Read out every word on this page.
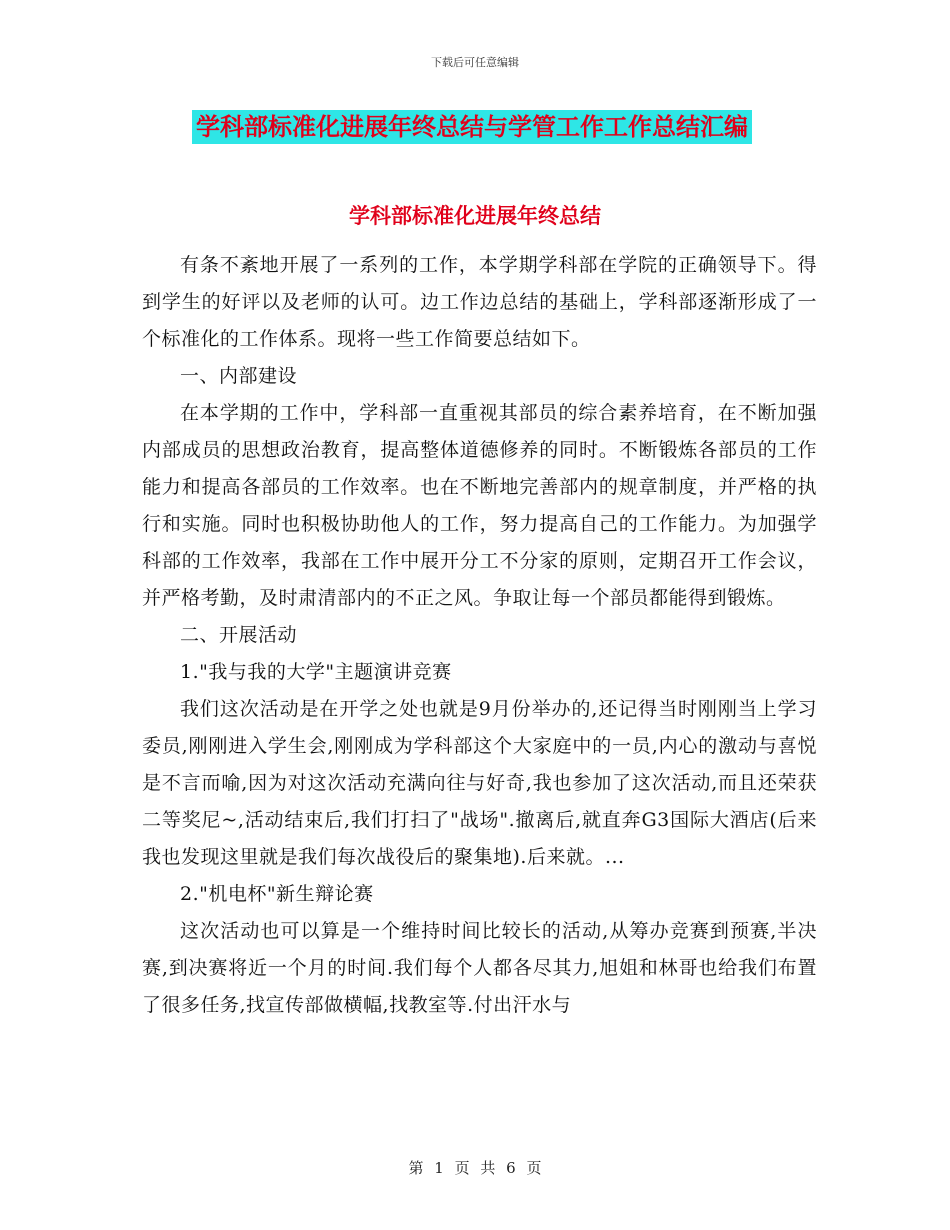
下载后可任意编辑
学科部标准化进展年终总结与学管工作工作总结汇编
学科部标准化进展年终总结

有条不紊地开展了一系列的工作，本学期学科部在学院的正确领导下。得到学生的好评以及老师的认可。边工作边总结的基础上，学科部逐渐形成了一个标准化的工作体系。现将一些工作简要总结如下。

一、内部建设

在本学期的工作中，学科部一直重视其部员的综合素养培育，在不断加强内部成员的思想政治教育，提高整体道德修养的同时。不断锻炼各部员的工作能力和提高各部员的工作效率。也在不断地完善部内的规章制度，并严格的执行和实施。同时也积极协助他人的工作，努力提高自己的工作能力。为加强学科部的工作效率，我部在工作中展开分工不分家的原则，定期召开工作会议，并严格考勤，及时肃清部内的不正之风。争取让每一个部员都能得到锻炼。

二、开展活动

1."我与我的大学"主题演讲竞赛

我们这次活动是在开学之处也就是9月份举办的,还记得当时刚刚当上学习委员,刚刚进入学生会,刚刚成为学科部这个大家庭中的一员,内心的激动与喜悦是不言而喻,因为对这次活动充满向往与好奇,我也参加了这次活动,而且还荣获二等奖尼~,活动结束后,我们打扫了"战场".撤离后,就直奔G3国际大酒店(后来我也发现这里就是我们每次战役后的聚集地).后来就。...

2."机电杯"新生辩论赛

这次活动也可以算是一个维持时间比较长的活动,从筹办竞赛到预赛,半决赛,到决赛将近一个月的时间.我们每个人都各尽其力,旭姐和林哥也给我们布置了很多任务,找宣传部做横幅,找教室等.付出汗水与

第 1 页 共 6 页
